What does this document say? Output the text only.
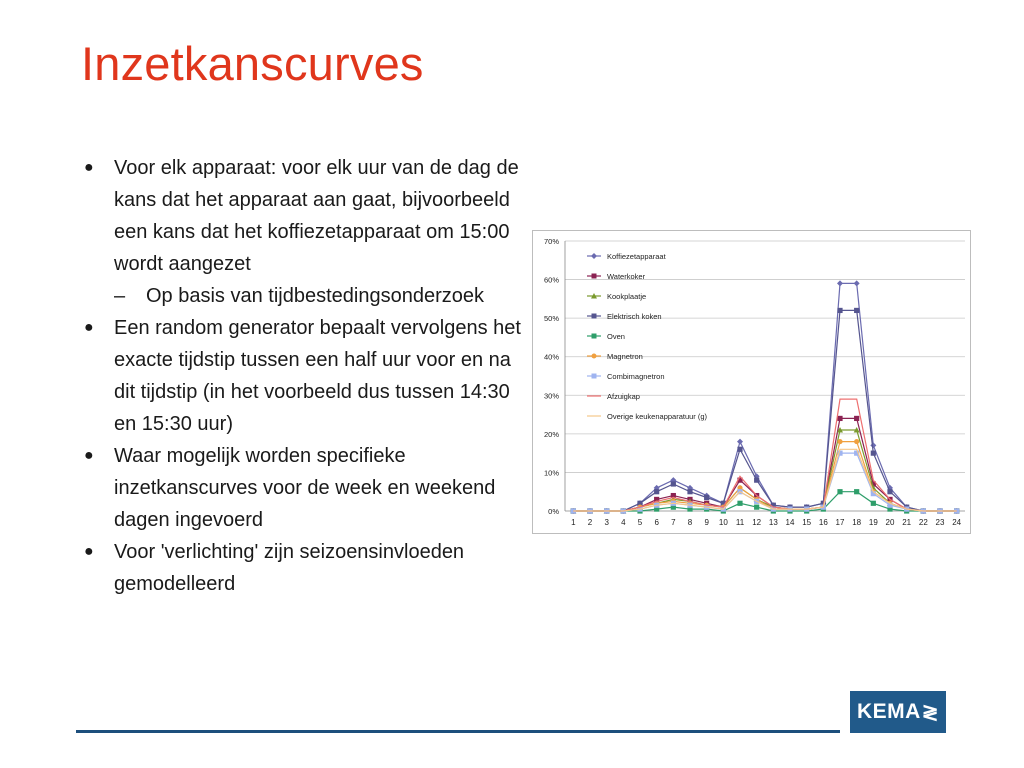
Inzetkanscurves
● Voor elk apparaat: voor elk uur van de dag de kans dat het apparaat aan gaat, bijvoorbeeld een kans dat het koffiezetapparaat om 15:00 wordt aangezet
– Op basis van tijdbestedingsonderzoek
● Een random generator bepaalt vervolgens het exacte tijdstip tussen een half uur voor en na dit tijdstip (in het voorbeeld dus tussen 14:30 en 15:30 uur)
● Waar mogelijk worden specifieke inzetkanscurves voor de week en weekend dagen ingevoerd
● Voor 'verlichting' zijn seizoensinvloeden gemodelleerd
0%
10%
20%
30%
40%
50%
60%
70%
1 2 3 4 5 6 7 8 9 10 11 12 13 14 15 16 17 18 19 20 21 22 23 24
Koffiezetapparaat
Waterkoker
Kookplaatje
Elektrisch koken
Oven
Magnetron
Combimagnetron
Afzuigkap
Overige keukenapparatuur (g)
KEMA ≷
